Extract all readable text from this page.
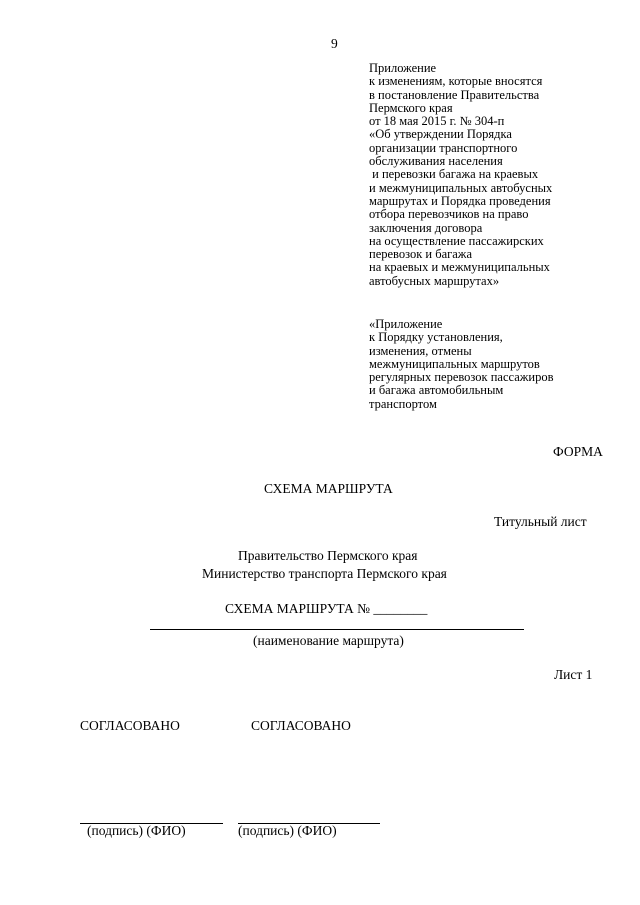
9
Приложение
к изменениям, которые вносятся
в постановление Правительства
Пермского края
от 18 мая 2015 г. № 304-п
«Об утверждении Порядка
организации транспортного
обслуживания населения
и перевозки багажа на краевых
и межмуниципальных автобусных
маршрутах и Порядка проведения
отбора перевозчиков на право
заключения договора
на осуществление пассажирских
перевозок и багажа
на краевых и межмуниципальных
автобусных маршрутах»
«Приложение
к Порядку установления,
изменения, отмены
межмуниципальных маршрутов
регулярных перевозок пассажиров
и багажа автомобильным
транспортом
ФОРМА
СХЕМА МАРШРУТА
Титульный лист
Правительство Пермского края
Министерство транспорта Пермского края
СХЕМА МАРШРУТА № ________
(наименование маршрута)
Лист 1
СОГЛАСОВАНО	СОГЛАСОВАНО
(подпись) (ФИО)	(подпись) (ФИО)
